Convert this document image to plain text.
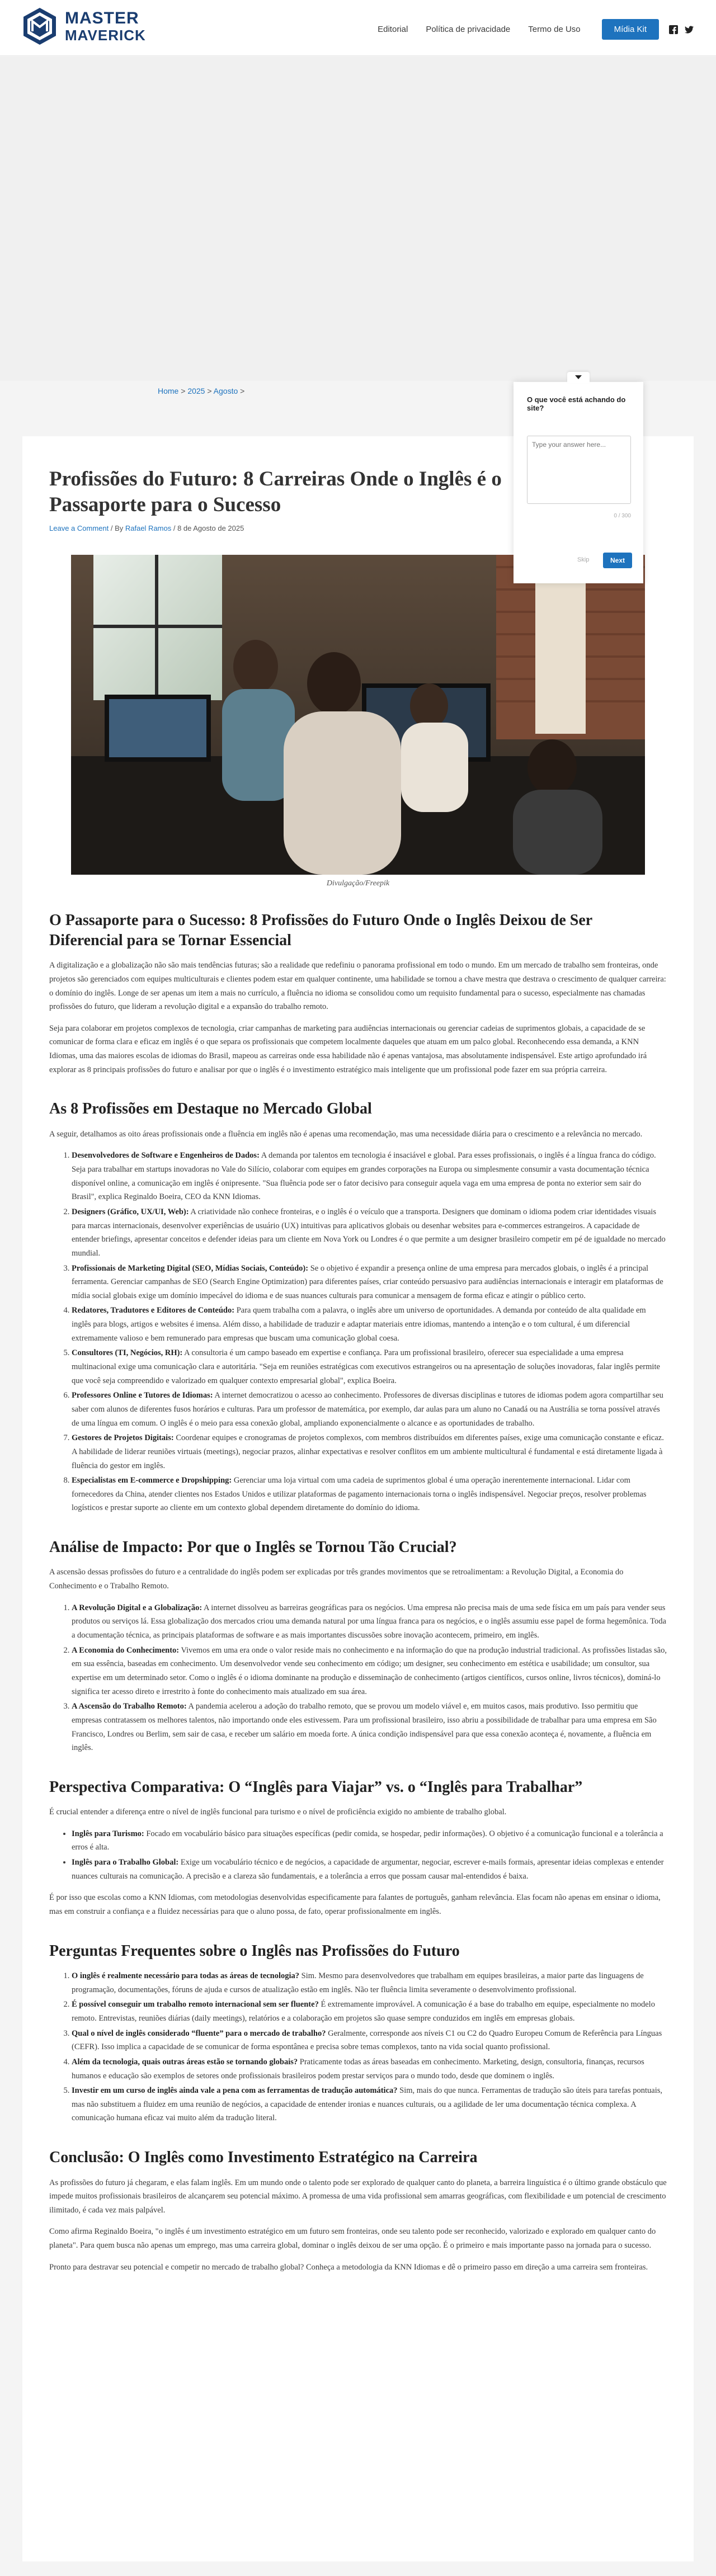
MASTER
MAVERICK	Editorial Política de privacidade Termo de Uso	Mídia Kit
Home > 2025 > Agosto >
Profissões do Futuro: 8 Carreiras Onde o Inglês é o Passaporte para o Sucesso
Leave a Comment / By Rafael Ramos / 8 de Agosto de 2025
Divulgação/Freepik
O Passaporte para o Sucesso: 8 Profissões do Futuro Onde o Inglês Deixou de Ser Diferencial para se Tornar Essencial

A digitalização e a globalização não são mais tendências futuras; são a realidade que redefiniu o panorama profissional em todo o mundo. Em um mercado de trabalho sem fronteiras, onde projetos são gerenciados com equipes multiculturais e clientes podem estar em qualquer continente, uma habilidade se tornou a chave mestra que destrava o crescimento de qualquer carreira: o domínio do inglês. Longe de ser apenas um item a mais no currículo, a fluência no idioma se consolidou como um requisito fundamental para o sucesso, especialmente nas chamadas profissões do futuro, que lideram a revolução digital e a expansão do trabalho remoto.

Seja para colaborar em projetos complexos de tecnologia, criar campanhas de marketing para audiências internacionais ou gerenciar cadeias de suprimentos globais, a capacidade de se comunicar de forma clara e eficaz em inglês é o que separa os profissionais que competem localmente daqueles que atuam em um palco global. Reconhecendo essa demanda, a KNN Idiomas, uma das maiores escolas de idiomas do Brasil, mapeou as carreiras onde essa habilidade não é apenas vantajosa, mas absolutamente indispensável. Este artigo aprofundado irá explorar as 8 principais profissões do futuro e analisar por que o inglês é o investimento estratégico mais inteligente que um profissional pode fazer em sua própria carreira.

As 8 Profissões em Destaque no Mercado Global

A seguir, detalhamos as oito áreas profissionais onde a fluência em inglês não é apenas uma recomendação, mas uma necessidade diária para o crescimento e a relevância no mercado.

1. Desenvolvedores de Software e Engenheiros de Dados: A demanda por talentos em tecnologia é insaciável e global. Para esses profissionais, o inglês é a língua franca do código. Seja para trabalhar em startups inovadoras no Vale do Silício, colaborar com equipes em grandes corporações na Europa ou simplesmente consumir a vasta documentação técnica disponível online, a comunicação em inglês é onipresente. "Sua fluência pode ser o fator decisivo para conseguir aquela vaga em uma empresa de ponta no exterior sem sair do Brasil", explica Reginaldo Boeira, CEO da KNN Idiomas.
2. Designers (Gráfico, UX/UI, Web): A criatividade não conhece fronteiras, e o inglês é o veículo que a transporta. Designers que dominam o idioma podem criar identidades visuais para marcas internacionais, desenvolver experiências de usuário (UX) intuitivas para aplicativos globais ou desenhar websites para e-commerces estrangeiros. A capacidade de entender briefings, apresentar conceitos e defender ideias para um cliente em Nova York ou Londres é o que permite a um designer brasileiro competir em pé de igualdade no mercado mundial.
3. Profissionais de Marketing Digital (SEO, Mídias Sociais, Conteúdo): Se o objetivo é expandir a presença online de uma empresa para mercados globais, o inglês é a principal ferramenta. Gerenciar campanhas de SEO (Search Engine Optimization) para diferentes países, criar conteúdo persuasivo para audiências internacionais e interagir em plataformas de mídia social globais exige um domínio impecável do idioma e de suas nuances culturais para comunicar a mensagem de forma eficaz e atingir o público certo.
4. Redatores, Tradutores e Editores de Conteúdo: Para quem trabalha com a palavra, o inglês abre um universo de oportunidades. A demanda por conteúdo de alta qualidade em inglês para blogs, artigos e websites é imensa. Além disso, a habilidade de traduzir e adaptar materiais entre idiomas, mantendo a intenção e o tom cultural, é um diferencial extremamente valioso e bem remunerado para empresas que buscam uma comunicação global coesa.
5. Consultores (TI, Negócios, RH): A consultoria é um campo baseado em expertise e confiança. Para um profissional brasileiro, oferecer sua especialidade a uma empresa multinacional exige uma comunicação clara e autoritária. "Seja em reuniões estratégicas com executivos estrangeiros ou na apresentação de soluções inovadoras, falar inglês permite que você seja compreendido e valorizado em qualquer contexto empresarial global", explica Boeira.
6. Professores Online e Tutores de Idiomas: A internet democratizou o acesso ao conhecimento. Professores de diversas disciplinas e tutores de idiomas podem agora compartilhar seu saber com alunos de diferentes fusos horários e culturas. Para um professor de matemática, por exemplo, dar aulas para um aluno no Canadá ou na Austrália se torna possível através de uma língua em comum. O inglês é o meio para essa conexão global, ampliando exponencialmente o alcance e as oportunidades de trabalho.
7. Gestores de Projetos Digitais: Coordenar equipes e cronogramas de projetos complexos, com membros distribuídos em diferentes países, exige uma comunicação constante e eficaz. A habilidade de liderar reuniões virtuais (meetings), negociar prazos, alinhar expectativas e resolver conflitos em um ambiente multicultural é fundamental e está diretamente ligada à fluência do gestor em inglês.
8. Especialistas em E-commerce e Dropshipping: Gerenciar uma loja virtual com uma cadeia de suprimentos global é uma operação inerentemente internacional. Lidar com fornecedores da China, atender clientes nos Estados Unidos e utilizar plataformas de pagamento internacionais torna o inglês indispensável. Negociar preços, resolver problemas logísticos e prestar suporte ao cliente em um contexto global dependem diretamente do domínio do idioma.
Análise de Impacto: Por que o Inglês se Tornou Tão Crucial?

A ascensão dessas profissões do futuro e a centralidade do inglês podem ser explicadas por três grandes movimentos que se retroalimentam: a Revolução Digital, a Economia do Conhecimento e o Trabalho Remoto.

1. A Revolução Digital e a Globalização: A internet dissolveu as barreiras geográficas para os negócios. Uma empresa não precisa mais de uma sede física em um país para vender seus produtos ou serviços lá. Essa globalização dos mercados criou uma demanda natural por uma língua franca para os negócios, e o inglês assumiu esse papel de forma hegemônica. Toda a documentação técnica, as principais plataformas de software e as mais importantes discussões sobre inovação acontecem, primeiro, em inglês.
2. A Economia do Conhecimento: Vivemos em uma era onde o valor reside mais no conhecimento e na informação do que na produção industrial tradicional. As profissões listadas são, em sua essência, baseadas em conhecimento. Um desenvolvedor vende seu conhecimento em código; um designer, seu conhecimento em estética e usabilidade; um consultor, sua expertise em um determinado setor. Como o inglês é o idioma dominante na produção e disseminação de conhecimento (artigos científicos, cursos online, livros técnicos), dominá-lo significa ter acesso direto e irrestrito à fonte do conhecimento mais atualizado em sua área.
3. A Ascensão do Trabalho Remoto: A pandemia acelerou a adoção do trabalho remoto, que se provou um modelo viável e, em muitos casos, mais produtivo. Isso permitiu que empresas contratassem os melhores talentos, não importando onde eles estivessem. Para um profissional brasileiro, isso abriu a possibilidade de trabalhar para uma empresa em São Francisco, Londres ou Berlim, sem sair de casa, e receber um salário em moeda forte. A única condição indispensável para que essa conexão aconteça é, novamente, a fluência em inglês.
Perspectiva Comparativa: O “Inglês para Viajar” vs. o “Inglês para Trabalhar”

É crucial entender a diferença entre o nível de inglês funcional para turismo e o nível de proficiência exigido no ambiente de trabalho global.

• Inglês para Turismo: Focado em vocabulário básico para situações específicas (pedir comida, se hospedar, pedir informações). O objetivo é a comunicação funcional e a tolerância a erros é alta.
• Inglês para o Trabalho Global: Exige um vocabulário técnico e de negócios, a capacidade de argumentar, negociar, escrever e-mails formais, apresentar ideias complexas e entender nuances culturais na comunicação. A precisão e a clareza são fundamentais, e a tolerância a erros que possam causar mal-entendidos é baixa.

É por isso que escolas como a KNN Idiomas, com metodologias desenvolvidas especificamente para falantes de português, ganham relevância. Elas focam não apenas em ensinar o idioma, mas em construir a confiança e a fluidez necessárias para que o aluno possa, de fato, operar profissionalmente em inglês.

Perguntas Frequentes sobre o Inglês nas Profissões do Futuro
1. O inglês é realmente necessário para todas as áreas de tecnologia? Sim. Mesmo para desenvolvedores que trabalham em equipes brasileiras, a maior parte das linguagens de programação, documentações, fóruns de ajuda e cursos de atualização estão em inglês. Não ter fluência limita severamente o desenvolvimento profissional.
2. É possível conseguir um trabalho remoto internacional sem ser fluente? É extremamente improvável. A comunicação é a base do trabalho em equipe, especialmente no modelo remoto. Entrevistas, reuniões diárias (daily meetings), relatórios e a colaboração em projetos são quase sempre conduzidos em inglês em empresas globais.
3. Qual o nível de inglês considerado “fluente” para o mercado de trabalho? Geralmente, corresponde aos níveis C1 ou C2 do Quadro Europeu Comum de Referência para Línguas (CEFR). Isso implica a capacidade de se comunicar de forma espontânea e precisa sobre temas complexos, tanto na vida social quanto profissional.
4. Além da tecnologia, quais outras áreas estão se tornando globais? Praticamente todas as áreas baseadas em conhecimento. Marketing, design, consultoria, finanças, recursos humanos e educação são exemplos de setores onde profissionais brasileiros podem prestar serviços para o mundo todo, desde que dominem o inglês.
5. Investir em um curso de inglês ainda vale a pena com as ferramentas de tradução automática? Sim, mais do que nunca. Ferramentas de tradução são úteis para tarefas pontuais, mas não substituem a fluidez em uma reunião de negócios, a capacidade de entender ironias e nuances culturais, ou a agilidade de ler uma documentação técnica complexa. A comunicação humana eficaz vai muito além da tradução literal.
Conclusão: O Inglês como Investimento Estratégico na Carreira

As profissões do futuro já chegaram, e elas falam inglês. Em um mundo onde o talento pode ser explorado de qualquer canto do planeta, a barreira linguística é o último grande obstáculo que impede muitos profissionais brasileiros de alcançarem seu potencial máximo. A promessa de uma vida profissional sem amarras geográficas, com flexibilidade e um potencial de crescimento ilimitado, é cada vez mais palpável.

Como afirma Reginaldo Boeira, "o inglês é um investimento estratégico em um futuro sem fronteiras, onde seu talento pode ser reconhecido, valorizado e explorado em qualquer canto do planeta". Para quem busca não apenas um emprego, mas uma carreira global, dominar o inglês deixou de ser uma opção. É o primeiro e mais importante passo na jornada para o sucesso.

Pronto para destravar seu potencial e competir no mercado de trabalho global? Conheça a metodologia da KNN Idiomas e dê o primeiro passo em direção a uma carreira sem fronteiras.

O que você está achando do site?
Type your answer here...
0 / 300
Skip	Next
